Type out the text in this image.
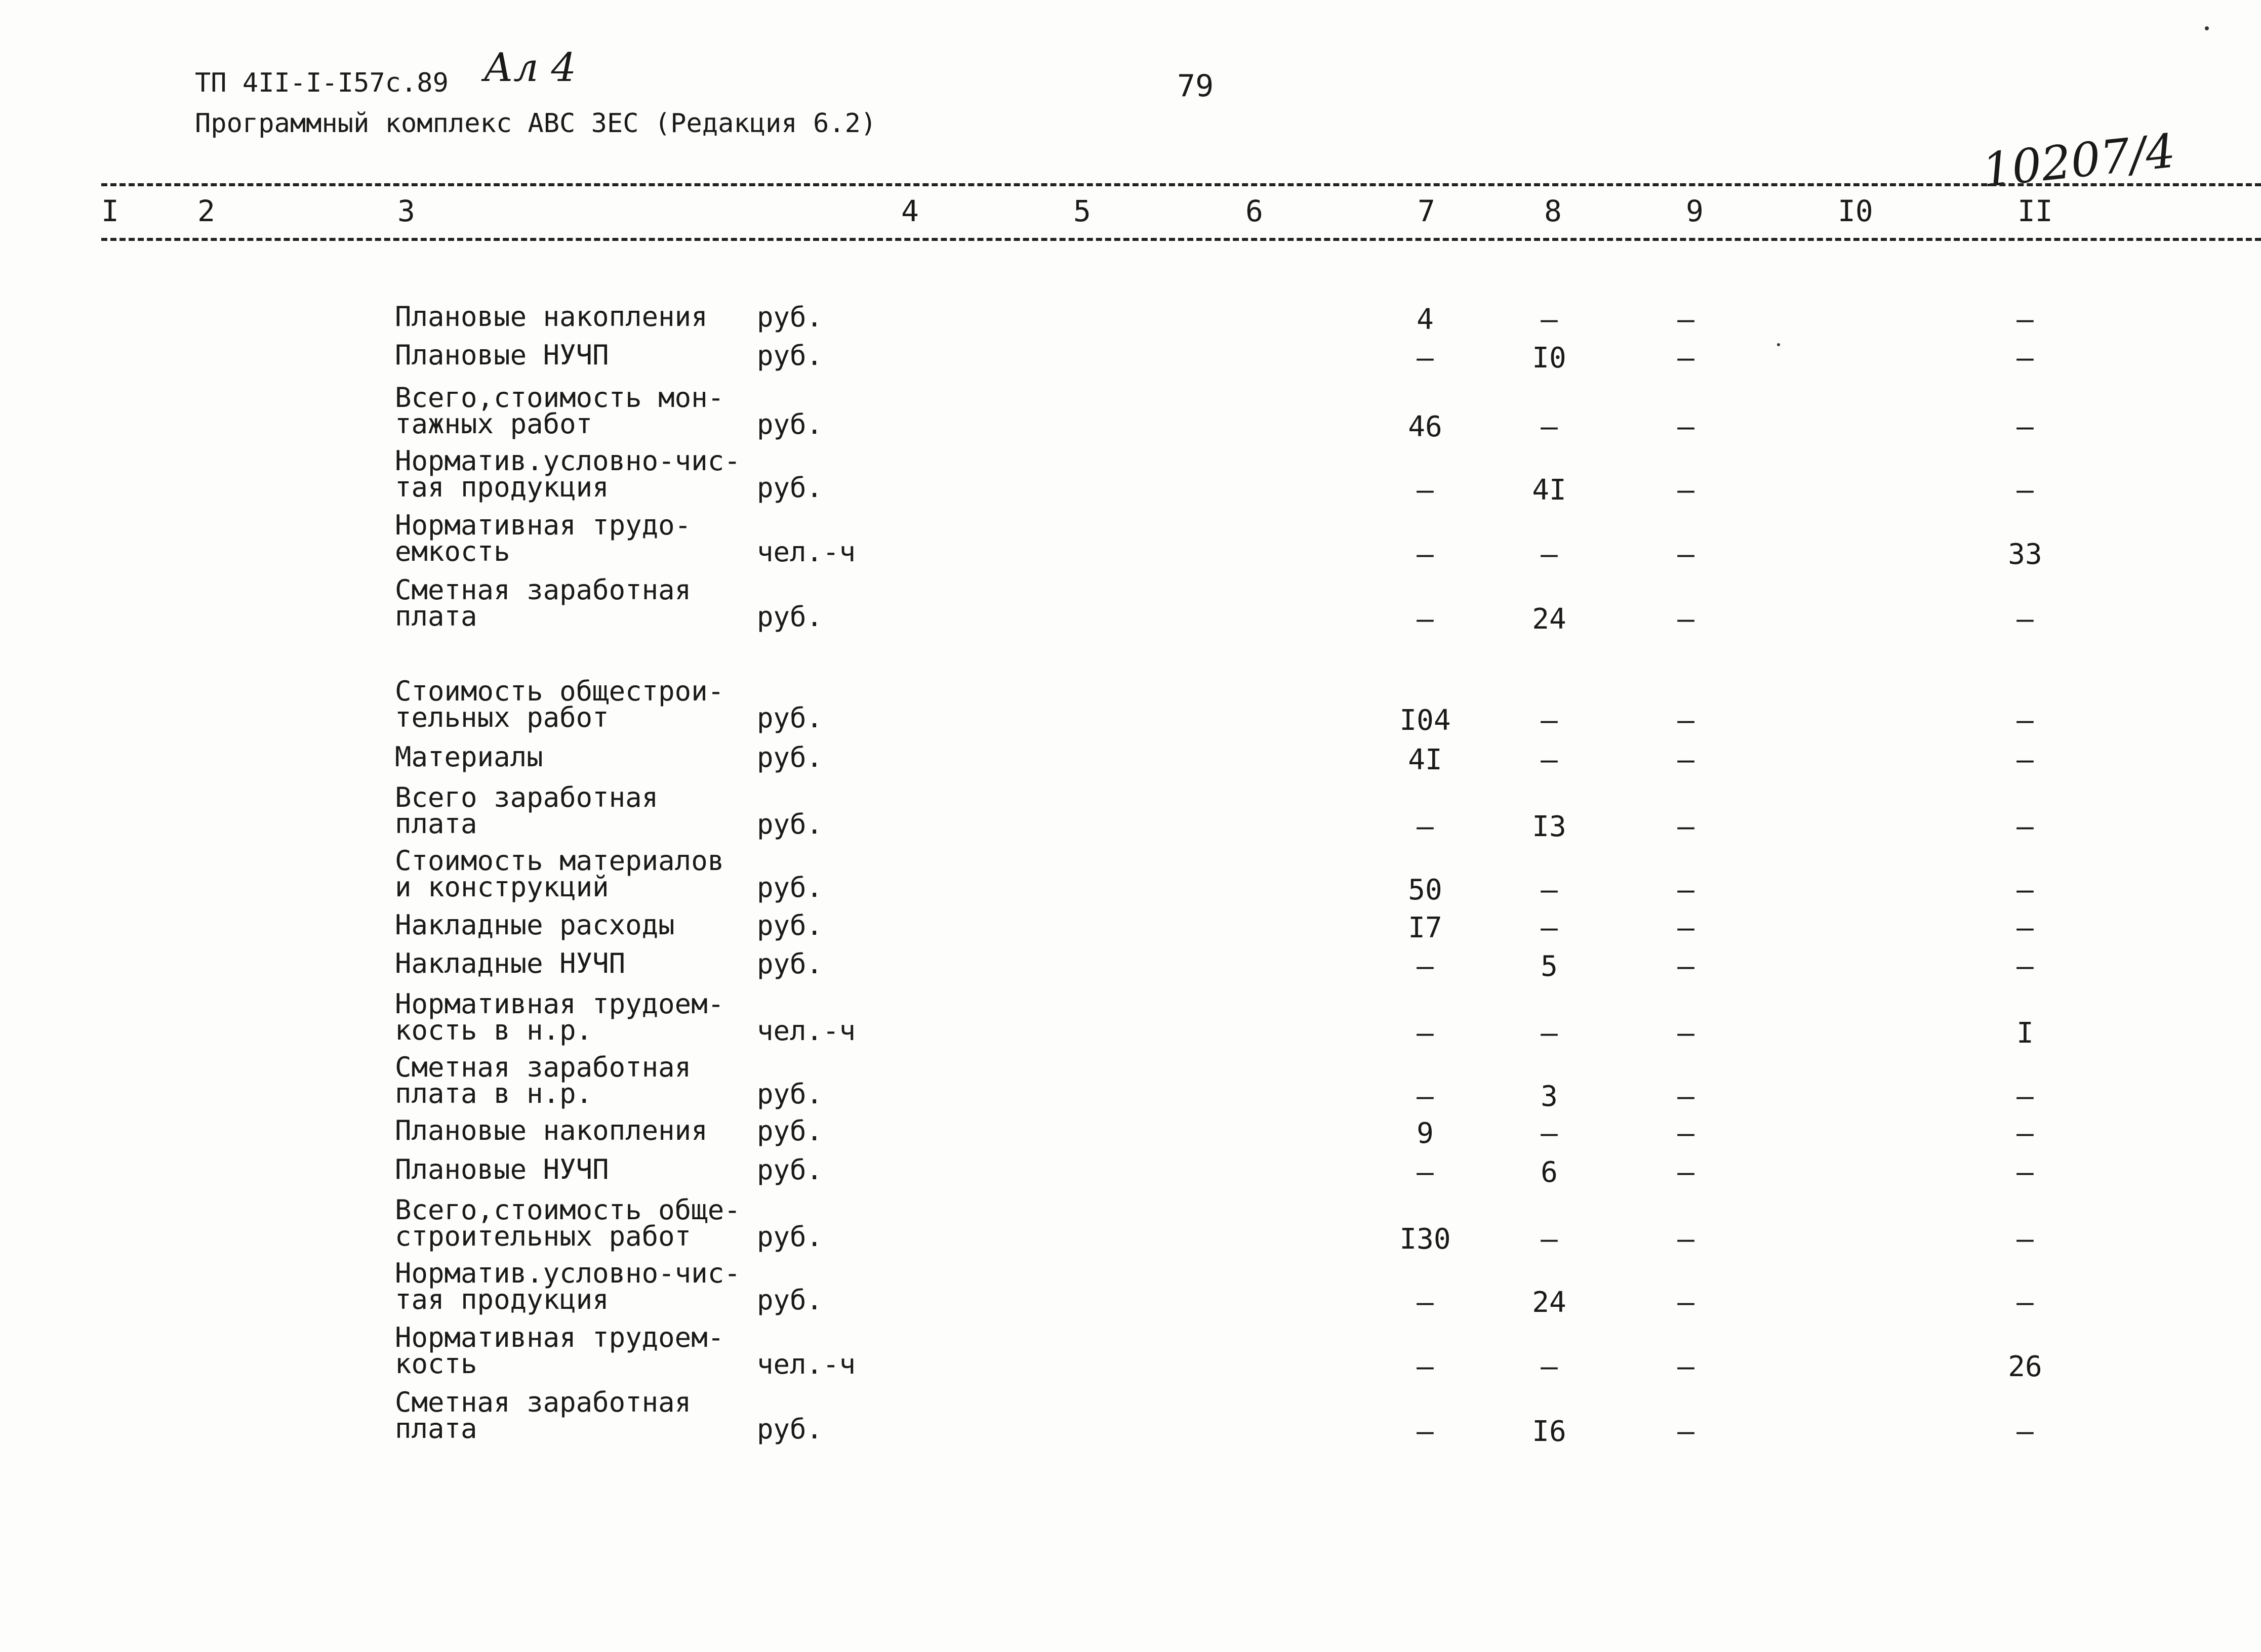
ТП 4II-I-I57с.89 Ал 4
Программный комплекс АВС 3ЕС (Редакция 6.2)
79
10207/4
I	2	3	4	5	6	7	8	9	I0	II
Плановые накопления руб.	4	–	–	–
Плановые НУЧП	руб.	–	I0	–	–
Всего,стоимость мон-
тажных работ	руб.	46	–	–	–
Норматив.условно-чис-
тая продукция	руб.	–	4I	–	–
Нормативная трудо-
емкость	чел.-ч	–	–	–	33
Сметная заработная
плата	руб.	–	24	–	–
Стоимость общестрои-
тельных работ	руб.	I04	–	–	–
Материалы	руб.	4I	–	–	–
Всего заработная
плата	руб.	–	I3	–	–
Стоимость материалов
и конструкций	руб.	50	–	–	–
Накладные расходы	руб.	I7	–	–	–
Накладные НУЧП	руб.	–	5	–	–
Нормативная трудоем-
кость в н.р.	чел.-ч	–	–	–	I
Сметная заработная
плата в н.р.	руб.	–	3	–	–
Плановые накопления руб.	9	–	–	–
Плановые НУЧП	руб.	–	6	–	–
Всего,стоимость обще-
строительных работ руб.	I30	–	–	–
Норматив.условно-чис-
тая продукция	руб.	–	24	–	–
Нормативная трудоем-
кость	чел.-ч	–	–	–	26
Сметная заработная
плата	руб.	–	I6	–	–
